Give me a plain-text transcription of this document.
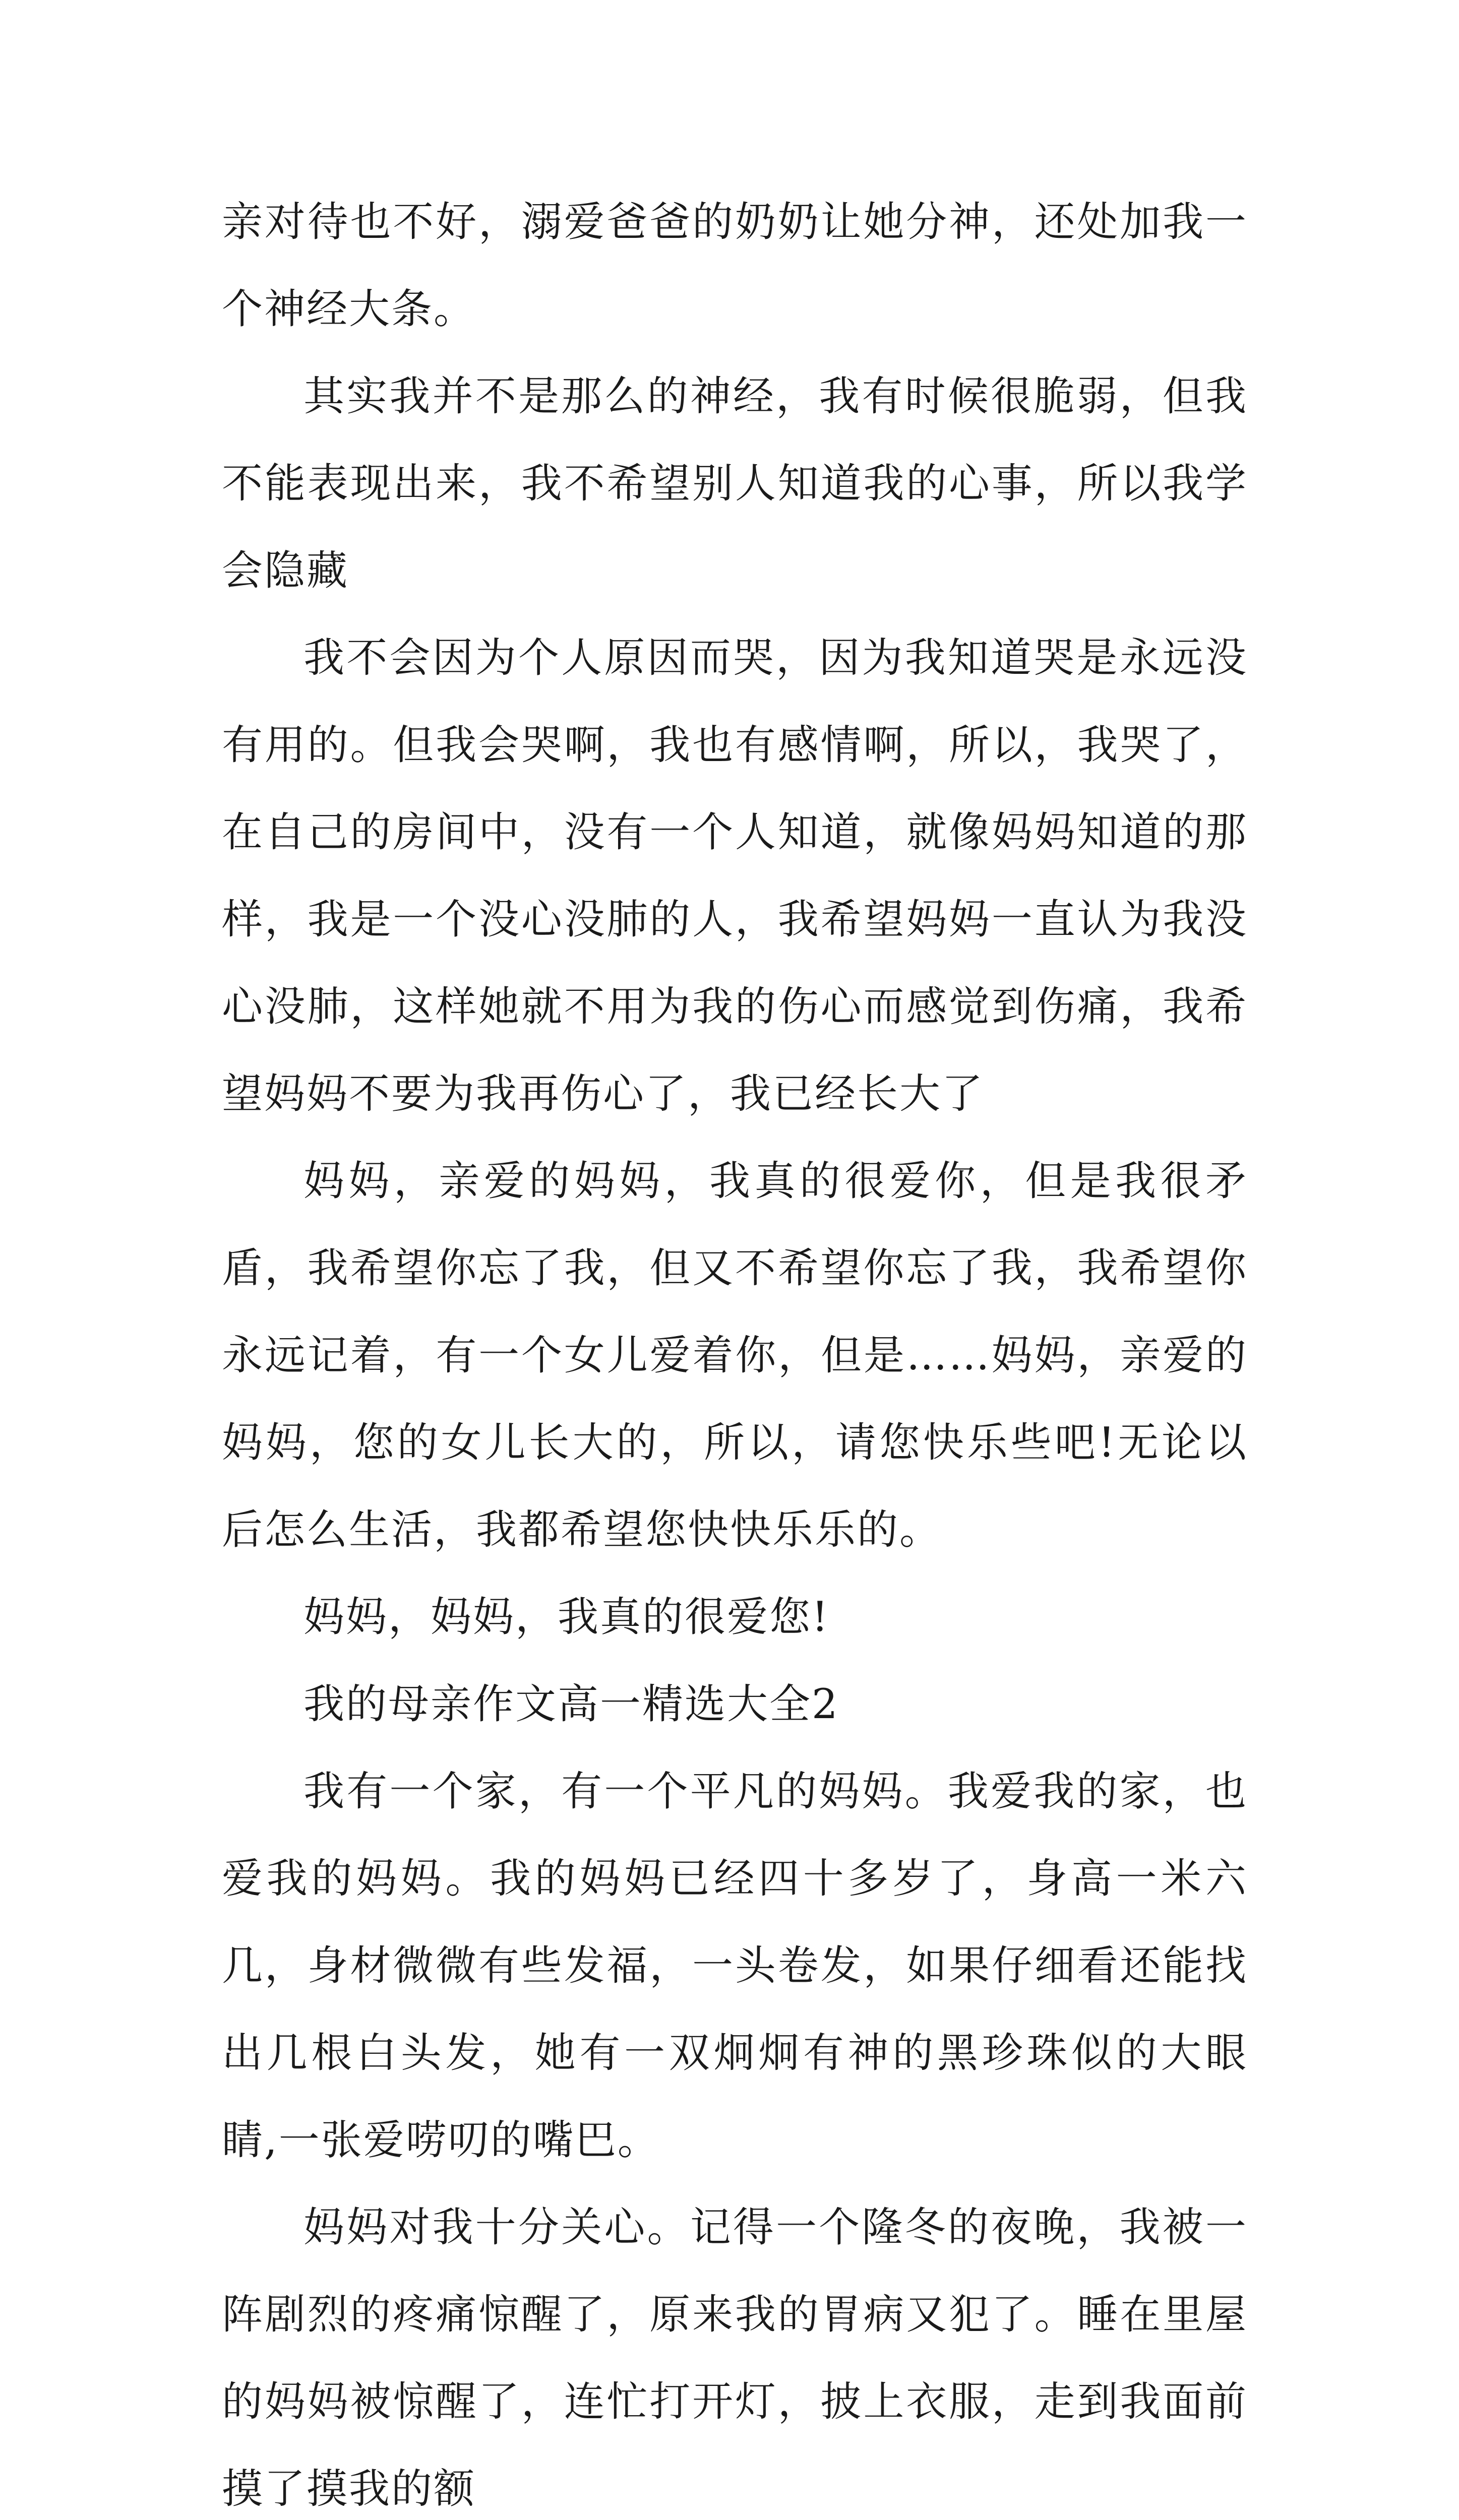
亲对待也不好，溺爱爸爸的奶奶让她分神，还处加我一个神经大条。

其实我并不是那么的神经，我有时候很脆弱，但我不能表现出来，我不希望别人知道我的心事，所以我学会隐藏

我不会因为个人原因而哭，因为我知道哭是永远没有用的。但我会哭啊，我也有感情啊，所以，我哭了，在自己的房间中，没有一个人知道，就像妈妈知道的那样，我是一个没心没肺的人，我希望妈妈一直认为我没心没肺，这样她就不用为我的伤心而感觉到伤痛，我希望妈妈不要为我再伤心了，我已经长大了

妈妈，亲爱的妈妈，我真的很爱你，但是我很矛盾，我希望你忘了我，但又不希望你忘了我，我希望你永远记着，有一个女儿爱着你，但是……妈妈，亲爱的妈妈，您的女儿长大的，所以，请您快乐些吧!无论以后怎么生活，我都希望您快快乐乐的。

妈妈，妈妈，我真的很爱您!

我的母亲作文高一精选大全2

我有一个家，有一个平凡的妈妈。我爱我的家，也爱我的妈妈。我的妈妈已经四十多岁了，身高一米六几，身材微微有些发福，一头卷发，如果仔细看还能找出几根白头发，她有一双炯炯有神的黑珍珠似的大眼睛,一张爱唠叨的嘴巴。

妈妈对我十分关心。记得一个隆冬的夜晚，我被一阵剧烈的疼痛惊醒了，原来我的胃病又犯了。睡在里屋的妈妈被惊醒了，连忙打开灯，披上衣服，走到我面前摸了摸我的额
